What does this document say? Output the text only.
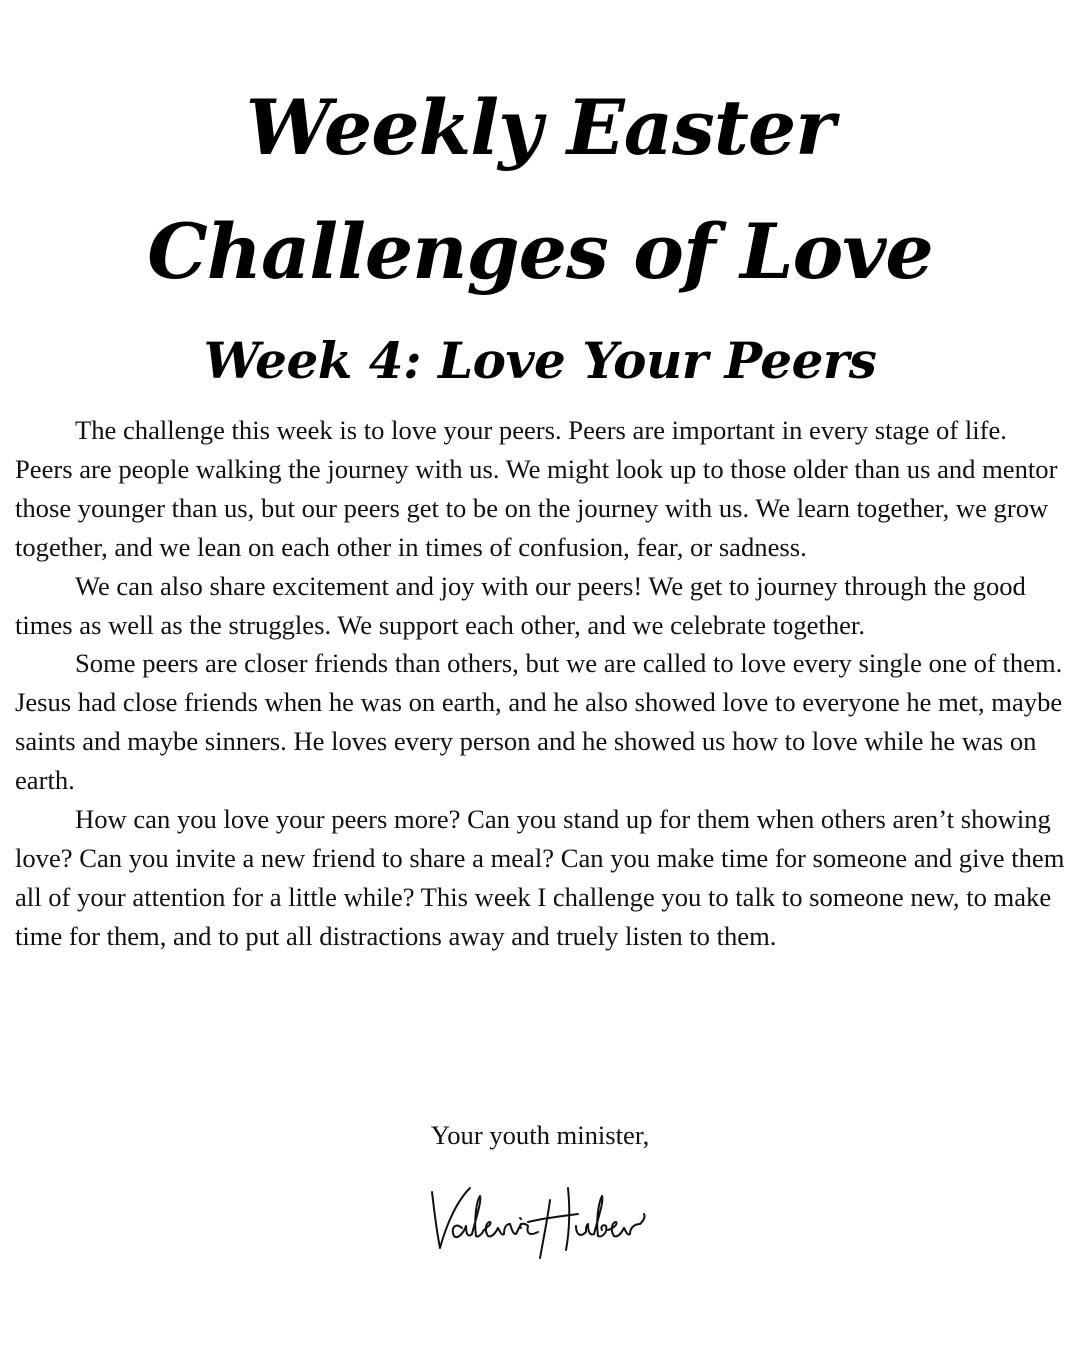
Weekly Easter
Challenges of Love
Week 4: Love Your Peers

The challenge this week is to love your peers. Peers are important in every stage of life. Peers are people walking the journey with us. We might look up to those older than us and mentor those younger than us, but our peers get to be on the journey with us. We learn together, we grow together, and we lean on each other in times of confusion, fear, or sadness.

We can also share excitement and joy with our peers! We get to journey through the good times as well as the struggles. We support each other, and we celebrate together.

Some peers are closer friends than others, but we are called to love every single one of them. Jesus had close friends when he was on earth, and he also showed love to everyone he met, maybe saints and maybe sinners. He loves every person and he showed us how to love while he was on earth.

How can you love your peers more? Can you stand up for them when others aren’t showing love? Can you invite a new friend to share a meal? Can you make time for someone and give them all of your attention for a little while? This week I challenge you to talk to someone new, to make time for them, and to put all distractions away and truely listen to them.

Your youth minister,
